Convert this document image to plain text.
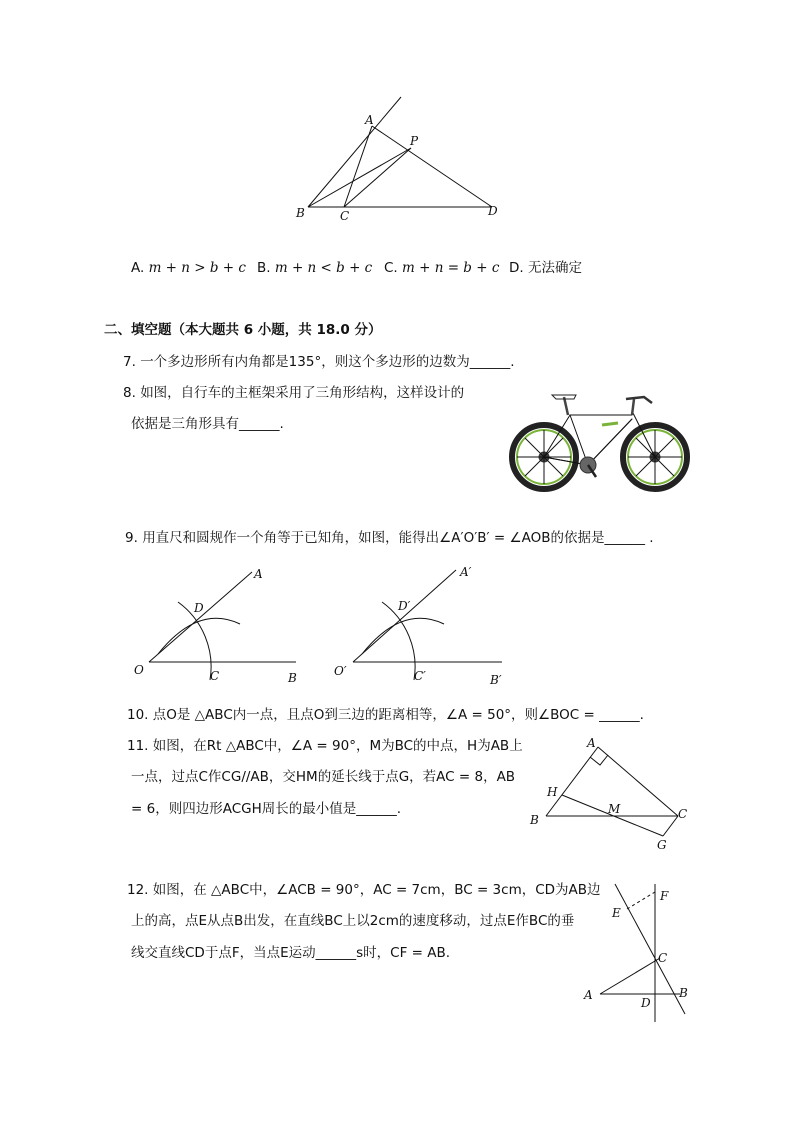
A
P
B	C	D
A. m + n > b + c B. m + n < b + c C. m + n = b + c D. 无法确定
二、填空题（本大题共 6 小题，共 18.0 分）
7. 一个多边形所有内角都是135°，则这个多边形的边数为______.
8. 如图，自行车的主框架采用了三角形结构，这样设计的
依据是三角形具有______.
9. 用直尺和圆规作一个角等于已知角，如图，能得出∠A′O′B′ = ∠AOB的依据是______ .
A
D
O	C	B
A′
D′
O′	C′	B′
10. 点O是 △ABC内一点，且点O到三边的距离相等，∠A = 50°，则∠BOC = ______.
11. 如图，在Rt △ABC中，∠A = 90°，M为BC的中点，H为AB上
一点，过点C作CG//AB，交HM的延长线于点G，若AC = 8，AB
= 6，则四边形ACGH周长的最小值是______.
A
H
M	C
B
G
12. 如图，在 △ABC中，∠ACB = 90°，AC = 7cm，BC = 3cm，CD为AB边
上的高，点E从点B出发，在直线BC上以2cm的速度移动，过点E作BC的垂
线交直线CD于点F，当点E运动______s时，CF = AB.
F
E
C
A
D
B
